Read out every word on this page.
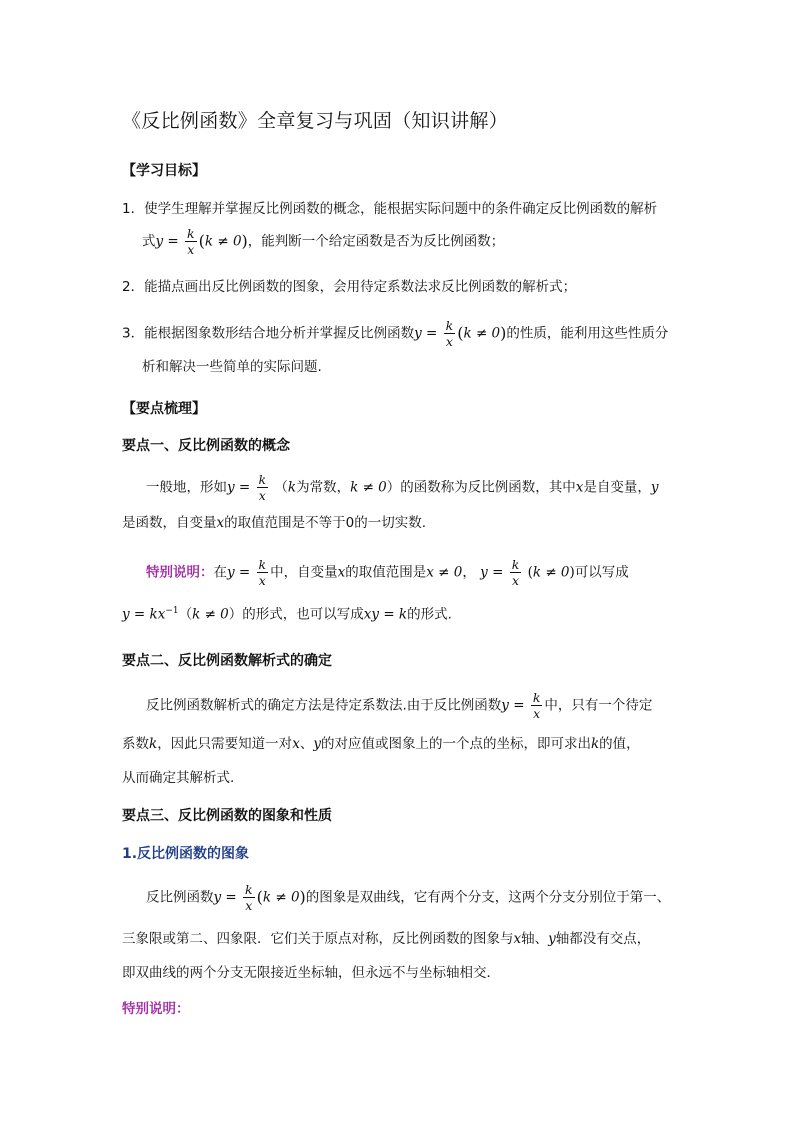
《反比例函数》全章复习与巩固（知识讲解）
【学习目标】
1．使学生理解并掌握反比例函数的概念，能根据实际问题中的条件确定反比例函数的解析
式$y = \frac{k}{x} (k \ne 0)$，能判断一个给定函数是否为反比例函数；
2．能描点画出反比例函数的图象，会用待定系数法求反比例函数的解析式；
3．能根据图象数形结合地分析并掌握反比例函数$y = \frac{k}{x} (k \ne 0)$的性质，能利用这些性质分
析和解决一些简单的实际问题.
【要点梳理】
要点一、反比例函数的概念
一般地，形如$y = \frac{k}{x} (k$为常数，k ≠ 0）的函数称为反比例函数，其中x是自变量，y
是函数，自变量x的取值范围是不等于0的一切实数.
特别说明：在$y = \frac{k}{x}$ 中，自变量x的取值范围是x ≠ 0， $y = \frac{k}{x} (k \ne 0)$可以写成
$y = kx^{-1}(k \ne 0)$的形式，也可以写成xy = k的形式.
要点二、反比例函数解析式的确定
反比例函数解析式的确定方法是待定系数法.由于反比例函数$y = \frac{k}{x}$ 中，只有一个待定
系数k，因此只需要知道一对x、y的对应值或图象上的一个点的坐标，即可求出k的值，
从而确定其解析式.
要点三、反比例函数的图象和性质
1.反比例函数的图象
反比例函数$y = \frac{k}{x} (k \ne 0)$的图象是双曲线，它有两个分支，这两个分支分别位于第一、
三象限或第二、四象限．它们关于原点对称，反比例函数的图象与x轴、y轴都没有交点，
即双曲线的两个分支无限接近坐标轴，但永远不与坐标轴相交．
特别说明：
